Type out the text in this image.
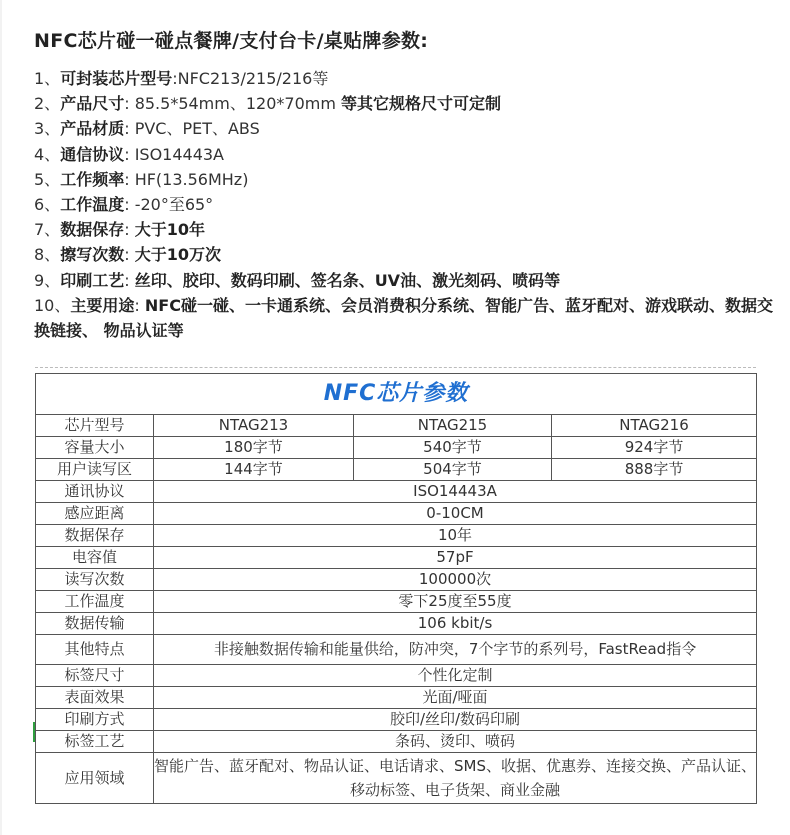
NFC芯片碰一碰点餐牌/支付台卡/桌贴牌参数:
1、可封装芯片型号:NFC213/215/216等
2、产品尺寸: 85.5*54mm、120*70mm 等其它规格尺寸可定制
3、产品材质: PVC、PET、ABS
4、通信协议: ISO14443A
5、工作频率: HF(13.56MHz)
6、工作温度: -20°至65°
7、数据保存: 大于10年
8、擦写次数: 大于10万次
9、印刷工艺: 丝印、胶印、数码印刷、签名条、UV油、激光刻码、喷码等
10、主要用途: NFC碰一碰、一卡通系统、会员消费积分系统、智能广告、蓝牙配对、游戏联动、数据交换链接、 物品认证等
NFC芯片参数			
芯片型号	NTAG213	NTAG215	NTAG216
容量大小	180字节	540字节	924字节
用户读写区	144字节	504字节	888字节
通讯协议	ISO14443A		
感应距离	0-10CM		
数据保存	10年		
电容值	57pF		
读写次数	100000次		
工作温度	零下25度至55度		
数据传输	106 kbit/s		
其他特点	非接触数据传输和能量供给，防冲突，7个字节的系列号，FastRead指令		
标签尺寸	个性化定制		
表面效果	光面/哑面		
印刷方式	胶印/丝印/数码印刷		
标签工艺	条码、烫印、喷码		
应用领域	智能广告、蓝牙配对、物品认证、电话请求、SMS、收据、优惠券、连接交换、产品认证、移动标签、电子货架、商业金融		
